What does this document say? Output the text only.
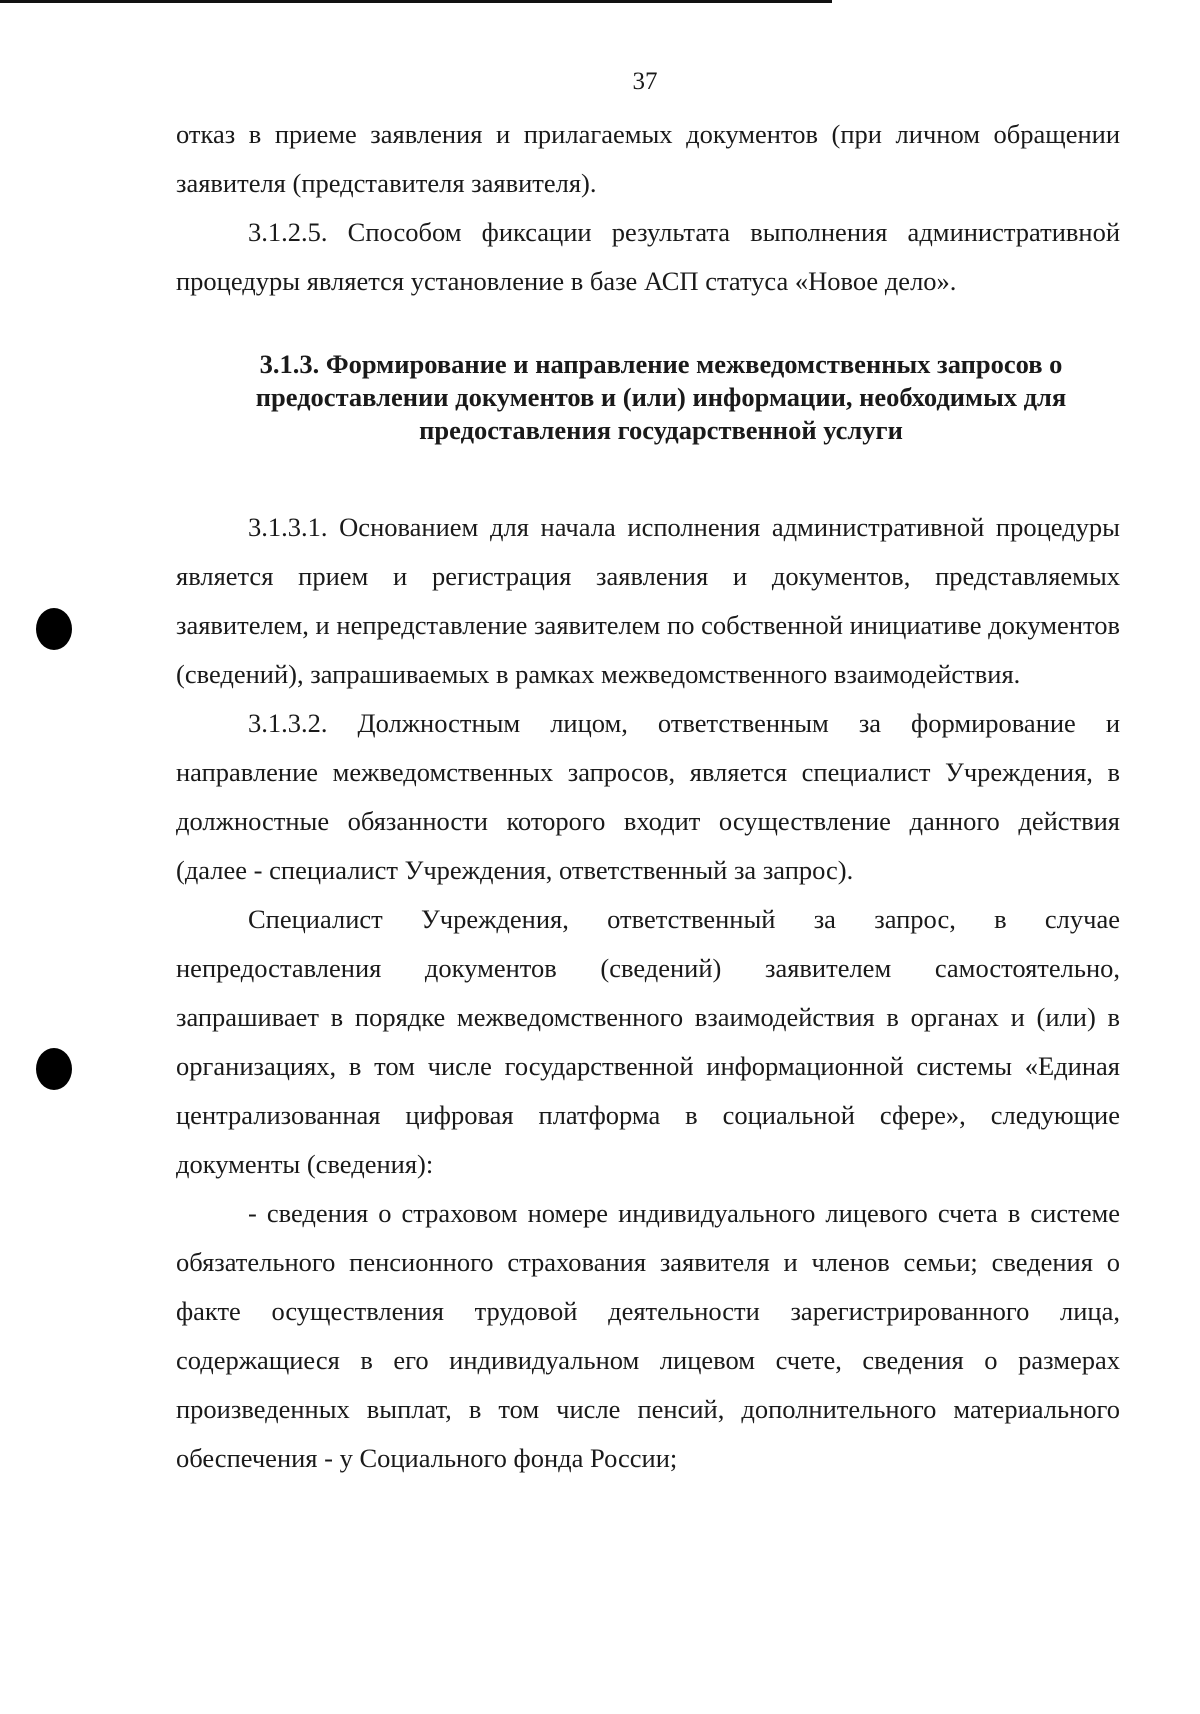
37

отказ в приеме заявления и прилагаемых документов (при личном обращении заявителя (представителя заявителя).

3.1.2.5. Способом фиксации результата выполнения административной процедуры является установление в базе АСП статуса «Новое дело».

3.1.3. Формирование и направление межведомственных запросов о

предоставлении документов и (или) информации, необходимых для

предоставления государственной услуги

3.1.3.1. Основанием для начала исполнения административной процедуры является прием и регистрация заявления и документов, представляемых заявителем, и непредставление заявителем по собственной инициативе документов (сведений), запрашиваемых в рамках межведомственного взаимодействия.

3.1.3.2. Должностным лицом, ответственным за формирование и направление межведомственных запросов, является специалист Учреждения, в должностные обязанности которого входит осуществление данного действия (далее - специалист Учреждения, ответственный за запрос).

Специалист Учреждения, ответственный за запрос, в случае непредоставления документов (сведений) заявителем самостоятельно, запрашивает в порядке межведомственного взаимодействия в органах и (или) в организациях, в том числе государственной информационной системы «Единая централизованная цифровая платформа в социальной сфере», следующие документы (сведения):

- сведения о страховом номере индивидуального лицевого счета в системе обязательного пенсионного страхования заявителя и членов семьи; сведения о факте осуществления трудовой деятельности зарегистрированного лица, содержащиеся в его индивидуальном лицевом счете, сведения о размерах произведенных выплат, в том числе пенсий, дополнительного материального обеспечения - у Социального фонда России;
